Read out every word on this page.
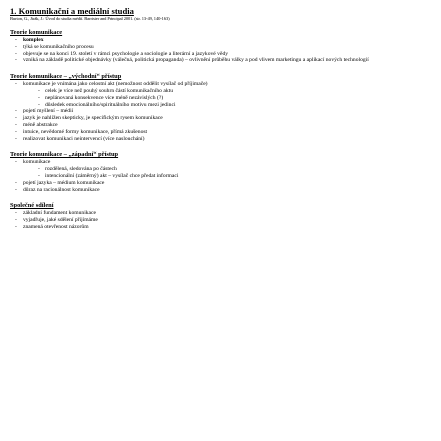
1. Komunikační a mediální studia
Burton, G., Jirák, J.: Úvod do studia médií. Barrister and Principal 2001. (str. 13-49, 140-163)
Teorie komunikace
- komplex
- týká se komunikačního procesu
- objevuje se na konci 19. století v rámci psychologie a sociologie a literární a jazykové vědy
- vzniká na základě politické objednávky (válečná, politická propaganda) – ovlivnění průběhu války a pod vlivem marketingu a aplikací nových technologií
Teorie komunikace – „východní“ přístup
- komunikace je vnímána jako celostní akt (nemožnost oddělit vysílač od příjimače)
- celek je více než pouhý souhrn částí komunikačního aktu
- neplánovaná konsekvence více méně nezávislých (?)
- důsledek emocionálního/spirituálního motivu mezi jedinci
- pojetí myšlení – médií
- jazyk je nahlížen skepticky, je specifickým rysem komunikace
- méně abstrakce
- intuice, nevědomé formy komunikace, přímá zkušenost
- realizovat komunikaci neintervencí (více naslouchání)
Teorie komunikace – „západní“ přístup
- komunikace
- rozdělená, sledována po částech
- intencionální (záměrný) akt – vysílač chce předat informaci
- pojetí jazyka – médium komunikace
- důraz na racionálnost komunikace
Společné sdílení
- základní fundament komunikace
- vyjadřuje, jaké sdělení přijímáme
- znamená otevřenost názorům
